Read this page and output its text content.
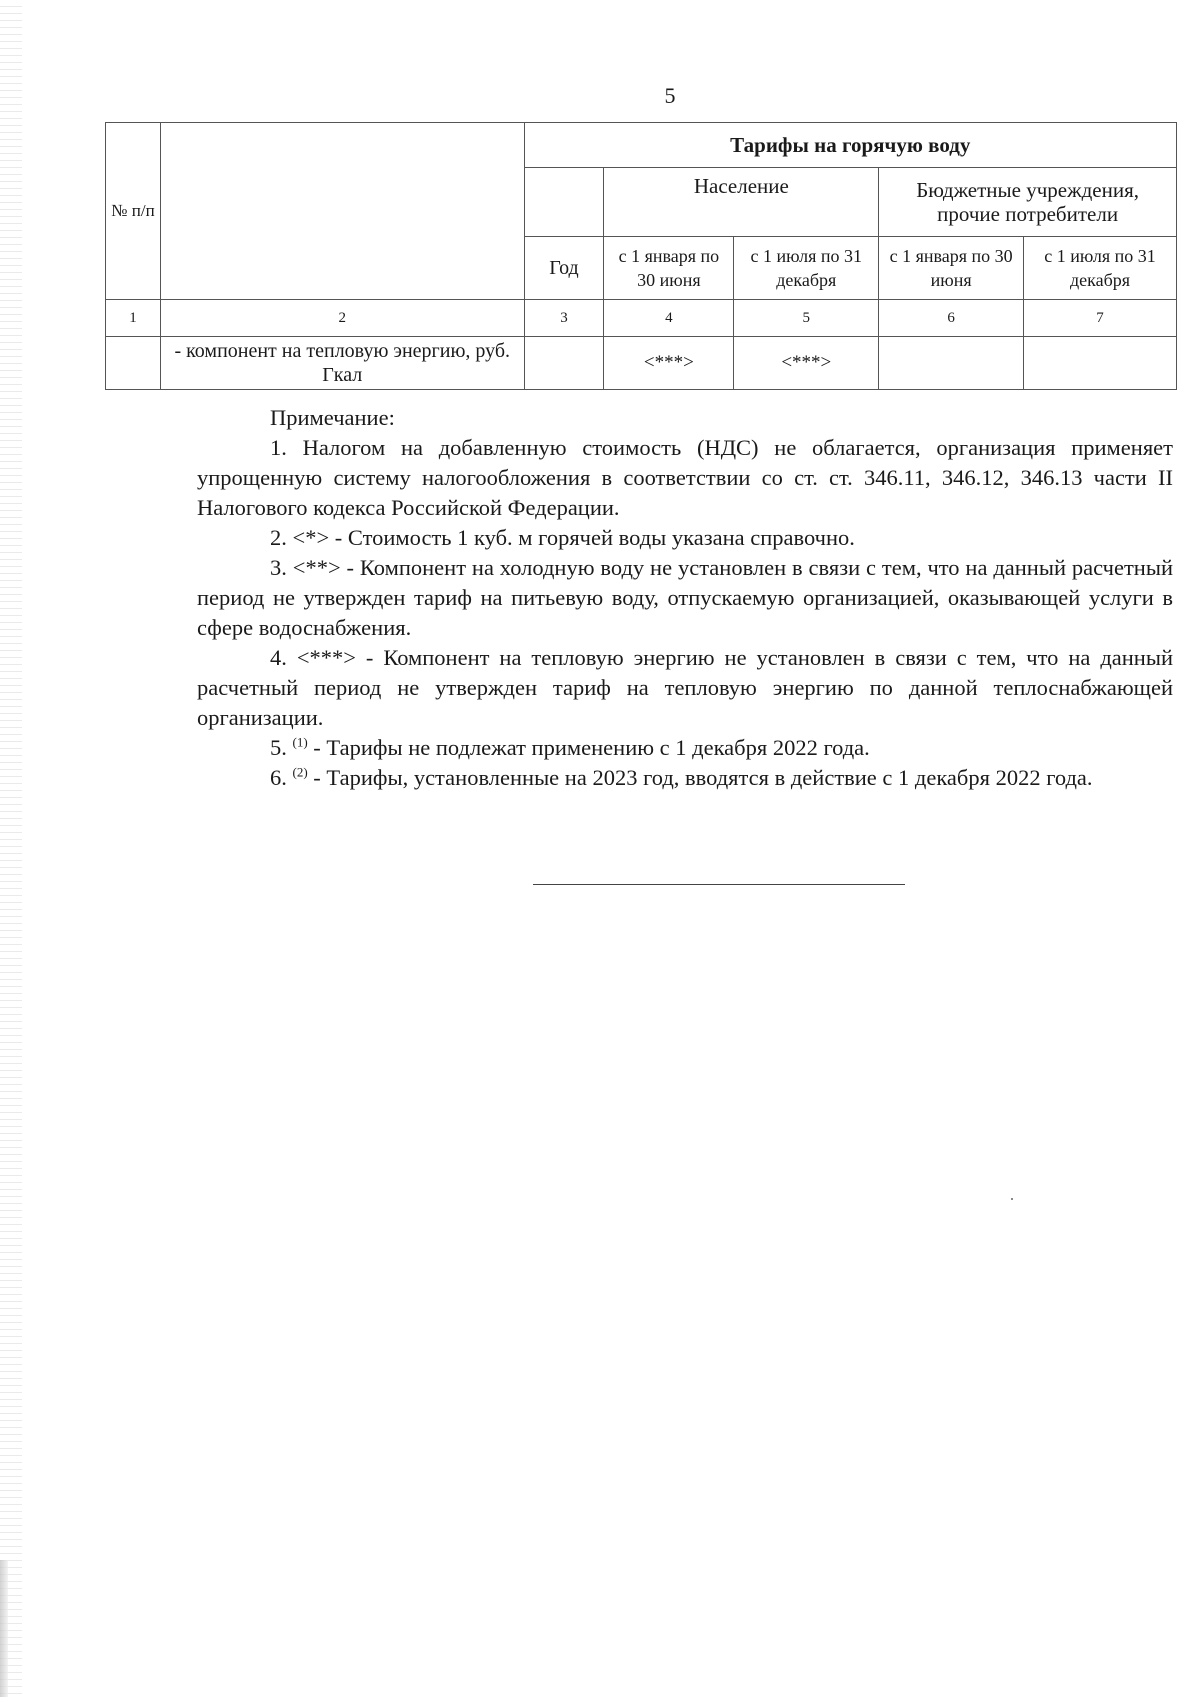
5
№ п/п		Тарифы на горячую воду				
			Население		Бюджетные учреждения, прочие потребители	
		Год	с 1 января по 30 июня	с 1 июля по 31 декабря	с 1 января по 30 июня	с 1 июля по 31 декабря
1	2	3	4	5	6	7
	- компонент на тепловую энергию, руб. Гкал		<***>	<***>		

Примечание:

1. Налогом на добавленную стоимость (НДС) не облагается, организация применяет упрощенную систему налогообложения в соответствии со ст. ст. 346.11, 346.12, 346.13 части II Налогового кодекса Российской Федерации.

2. <*> - Стоимость 1 куб. м горячей воды указана справочно.

3. <**> - Компонент на холодную воду не установлен в связи с тем, что на данный расчетный период не утвержден тариф на питьевую воду, отпускаемую организацией, оказывающей услуги в сфере водоснабжения.

4. <***> - Компонент на тепловую энергию не установлен в связи с тем, что на данный расчетный период не утвержден тариф на тепловую энергию по данной теплоснабжающей организации.

5. $^{(1)}$ - Тарифы не подлежат применению с 1 декабря 2022 года.

6. $^{(2)}$ - Тарифы, установленные на 2023 год, вводятся в действие с 1 декабря 2022 года.
